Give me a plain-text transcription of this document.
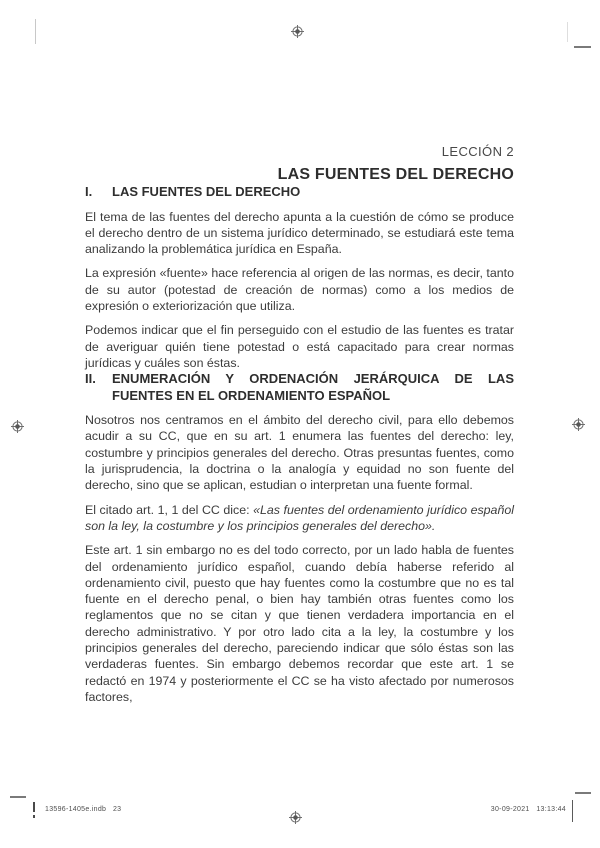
LECCIÓN 2
LAS FUENTES DEL DERECHO
I.	LAS FUENTES DEL DERECHO

El tema de las fuentes del derecho apunta a la cuestión de cómo se produce el derecho dentro de un sistema jurídico determinado, se estudiará este tema analizando la problemática jurídica en España.

La expresión «fuente» hace referencia al origen de las normas, es decir, tanto de su autor (potestad de creación de normas) como a los medios de expresión o exteriorización que utiliza.

Podemos indicar que el fin perseguido con el estudio de las fuentes es tratar de averiguar quién tiene potestad o está capacitado para crear normas jurídicas y cuáles son éstas.

II.	ENUMERACIÓN Y ORDENACIÓN JERÁRQUICA DE LAS FUENTES EN EL ORDENAMIENTO ESPAÑOL

Nosotros nos centramos en el ámbito del derecho civil, para ello debemos acudir a su CC, que en su art. 1 enumera las fuentes del derecho: ley, costumbre y principios generales del derecho. Otras presuntas fuentes, como la jurisprudencia, la doctrina o la analogía y equidad no son fuente del derecho, sino que se aplican, estudian o interpretan una fuente formal.

El citado art. 1, 1 del CC dice: «Las fuentes del ordenamiento jurídico español son la ley, la costumbre y los principios generales del derecho».

Este art. 1 sin embargo no es del todo correcto, por un lado habla de fuentes del ordenamiento jurídico español, cuando debía haberse referido al ordenamiento civil, puesto que hay fuentes como la costumbre que no es tal fuente en el derecho penal, o bien hay también otras fuentes como los reglamentos que no se citan y que tienen verdadera importancia en el derecho administrativo. Y por otro lado cita a la ley, la costumbre y los principios generales del derecho, pareciendo indicar que sólo éstas son las verdaderas fuentes. Sin embargo debemos recordar que este art. 1 se redactó en 1974 y posteriormente el CC se ha visto afectado por numerosos factores,

13596-1405e.indb   23	30-09-2021   13:13:44
